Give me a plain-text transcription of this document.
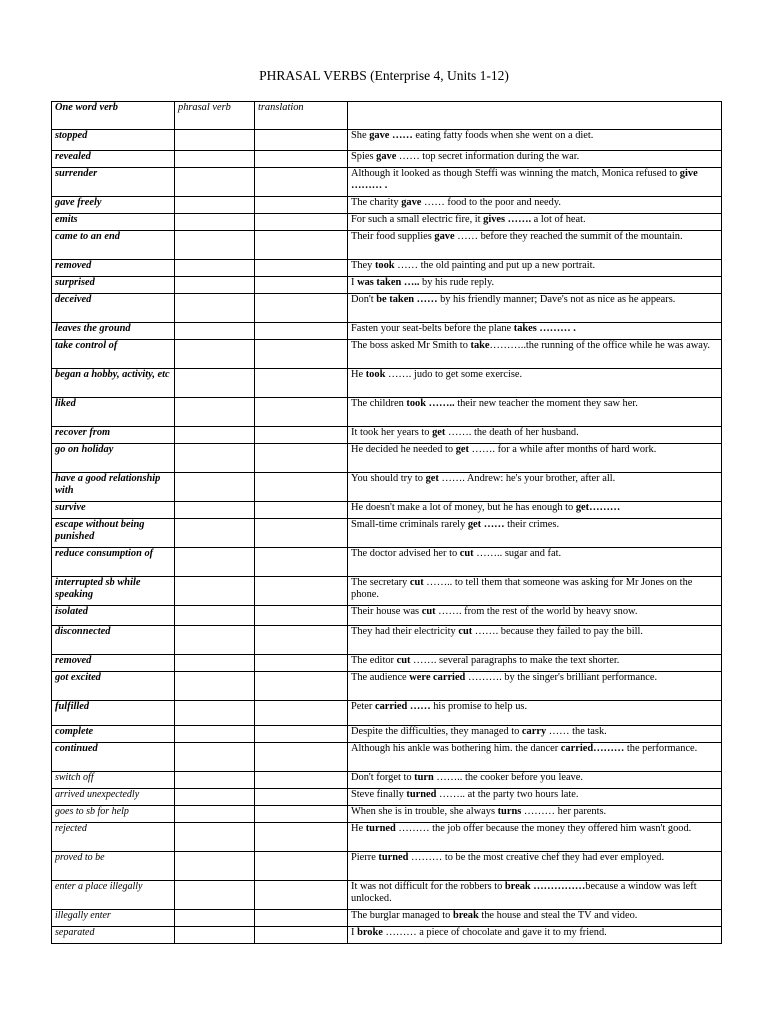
PHRASAL VERBS (Enterprise 4, Units 1-12)
One word verb	phrasal verb	translation	
stopped			She gave …… eating fatty foods when she went on a diet.
revealed			Spies gave …… top secret information during the war.
surrender			Although it looked as though Steffi was winning the match, Monica refused to give ……… .
gave freely			The charity gave …… food to the poor and needy.
emits			For such a small electric fire, it gives ……. a lot of heat.
came to an end			Their food supplies gave …… before they reached the summit of the mountain.
removed			They took …… the old painting and put up a new portrait.
surprised			I was taken ….. by his rude reply.
deceived			Don't be taken …… by his friendly manner; Dave's not as nice as he appears.
leaves the ground			Fasten your seat-belts before the plane takes ……… .
take control of			The boss asked Mr Smith to take………..the running of the office while he was away.
began a hobby, activity, etc			He took ……. judo to get some exercise.
liked			The children took …….. their new teacher the moment they saw her.
recover from			It took her years to get ……. the death of her husband.
go on holiday			He decided he needed to get ……. for a while after months of hard work.
have a good relationship with			You should try to get ……. Andrew: he's your brother, after all.
survive			He doesn't make a lot of money, but he has enough to get………
escape without being punished			Small-time criminals rarely get …… their crimes.
reduce consumption of			The doctor advised her to cut …….. sugar and fat.
interrupted sb while speaking			The secretary cut …….. to tell them that someone was asking for Mr Jones on the phone.
isolated			Their house was cut ……. from the rest of the world by heavy snow.
disconnected			They had their electricity cut ……. because they failed to pay the bill.
removed			The editor cut ……. several paragraphs to make the text shorter.
got excited			The audience were carried ………. by the singer's brilliant performance.
fulfilled			Peter carried …… his promise to help us.
complete			Despite the difficulties, they managed to carry …… the task.
continued			Although his ankle was bothering him. the dancer carried……… the performance.
switch off			Don't forget to turn …….. the cooker before you leave.
arrived unexpectedly			Steve finally turned …….. at the party two hours late.
goes to sb for help			When she is in trouble, she always turns ……… her parents.
rejected			He turned ……… the job offer because the money they offered him wasn't good.
proved to be			Pierre turned ……… to be the most creative chef they had ever employed.
enter a place illegally			It was not difficult for the robbers to break ……………because a window was left unlocked.
illegally enter			The burglar managed to break the house and steal the TV and video.
separated			I broke ……… a piece of chocolate and gave it to my friend.
